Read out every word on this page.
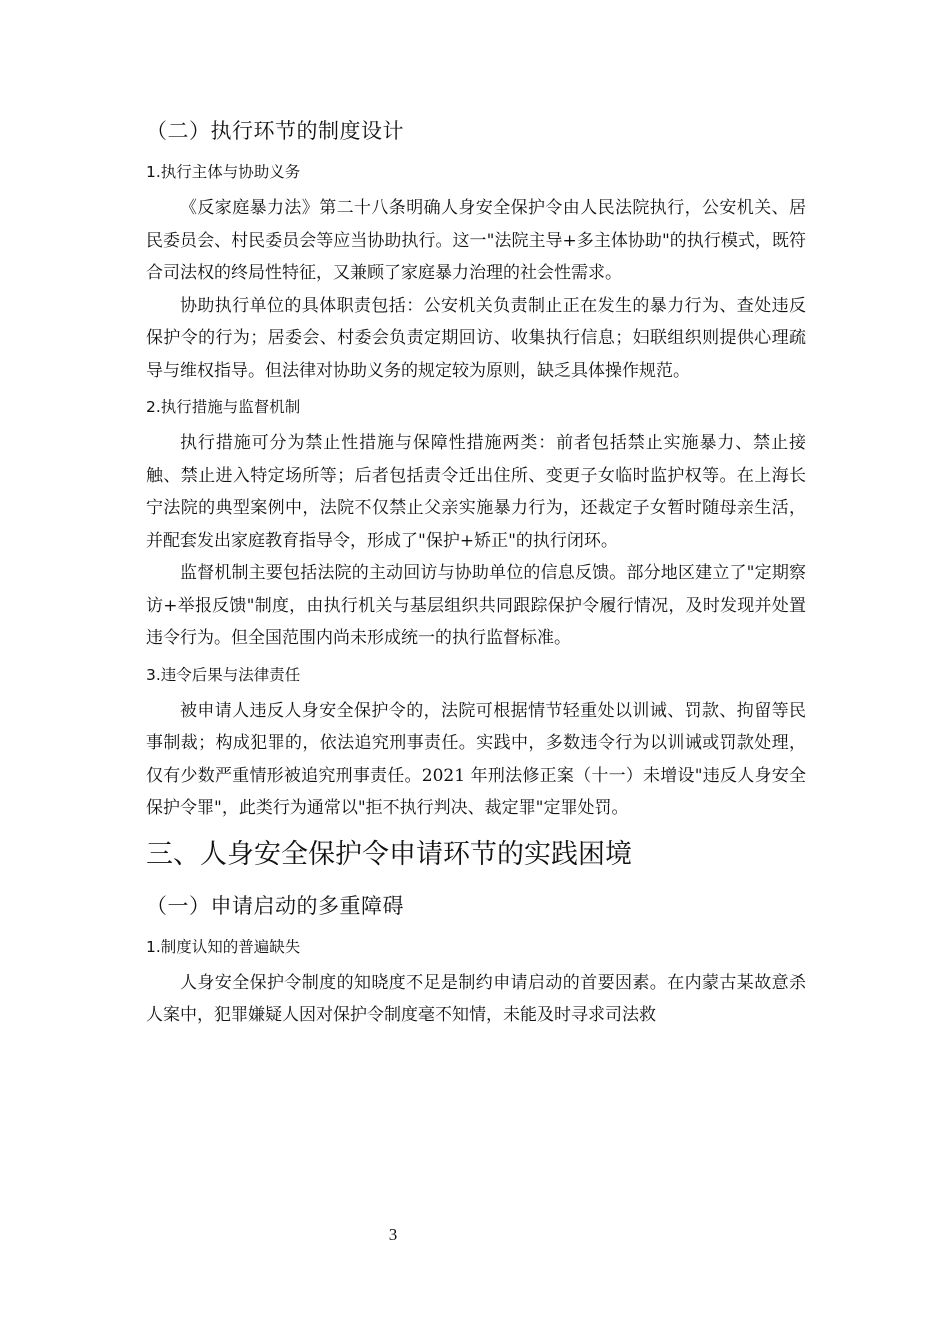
（二）执行环节的制度设计
1.执行主体与协助义务

《反家庭暴力法》第二十八条明确人身安全保护令由人民法院执行，公安机关、居民委员会、村民委员会等应当协助执行。这一"法院主导+多主体协助"的执行模式，既符合司法权的终局性特征，又兼顾了家庭暴力治理的社会性需求。

协助执行单位的具体职责包括：公安机关负责制止正在发生的暴力行为、查处违反保护令的行为；居委会、村委会负责定期回访、收集执行信息；妇联组织则提供心理疏导与维权指导。但法律对协助义务的规定较为原则，缺乏具体操作规范。

2.执行措施与监督机制

执行措施可分为禁止性措施与保障性措施两类：前者包括禁止实施暴力、禁止接触、禁止进入特定场所等；后者包括责令迁出住所、变更子女临时监护权等。在上海长宁法院的典型案例中，法院不仅禁止父亲实施暴力行为，还裁定子女暂时随母亲生活，并配套发出家庭教育指导令，形成了"保护+矫正"的执行闭环。

监督机制主要包括法院的主动回访与协助单位的信息反馈。部分地区建立了"定期察访+举报反馈"制度，由执行机关与基层组织共同跟踪保护令履行情况，及时发现并处置违令行为。但全国范围内尚未形成统一的执行监督标准。

3.违令后果与法律责任

被申请人违反人身安全保护令的，法院可根据情节轻重处以训诫、罚款、拘留等民事制裁；构成犯罪的，依法追究刑事责任。实践中，多数违令行为以训诫或罚款处理，仅有少数严重情形被追究刑事责任。2021 年刑法修正案（十一）未增设"违反人身安全保护令罪"，此类行为通常以"拒不执行判决、裁定罪"定罪处罚。

三、人身安全保护令申请环节的实践困境
（一）申请启动的多重障碍
1.制度认知的普遍缺失

人身安全保护令制度的知晓度不足是制约申请启动的首要因素。在内蒙古某故意杀人案中，犯罪嫌疑人因对保护令制度毫不知情，未能及时寻求司法救

3
